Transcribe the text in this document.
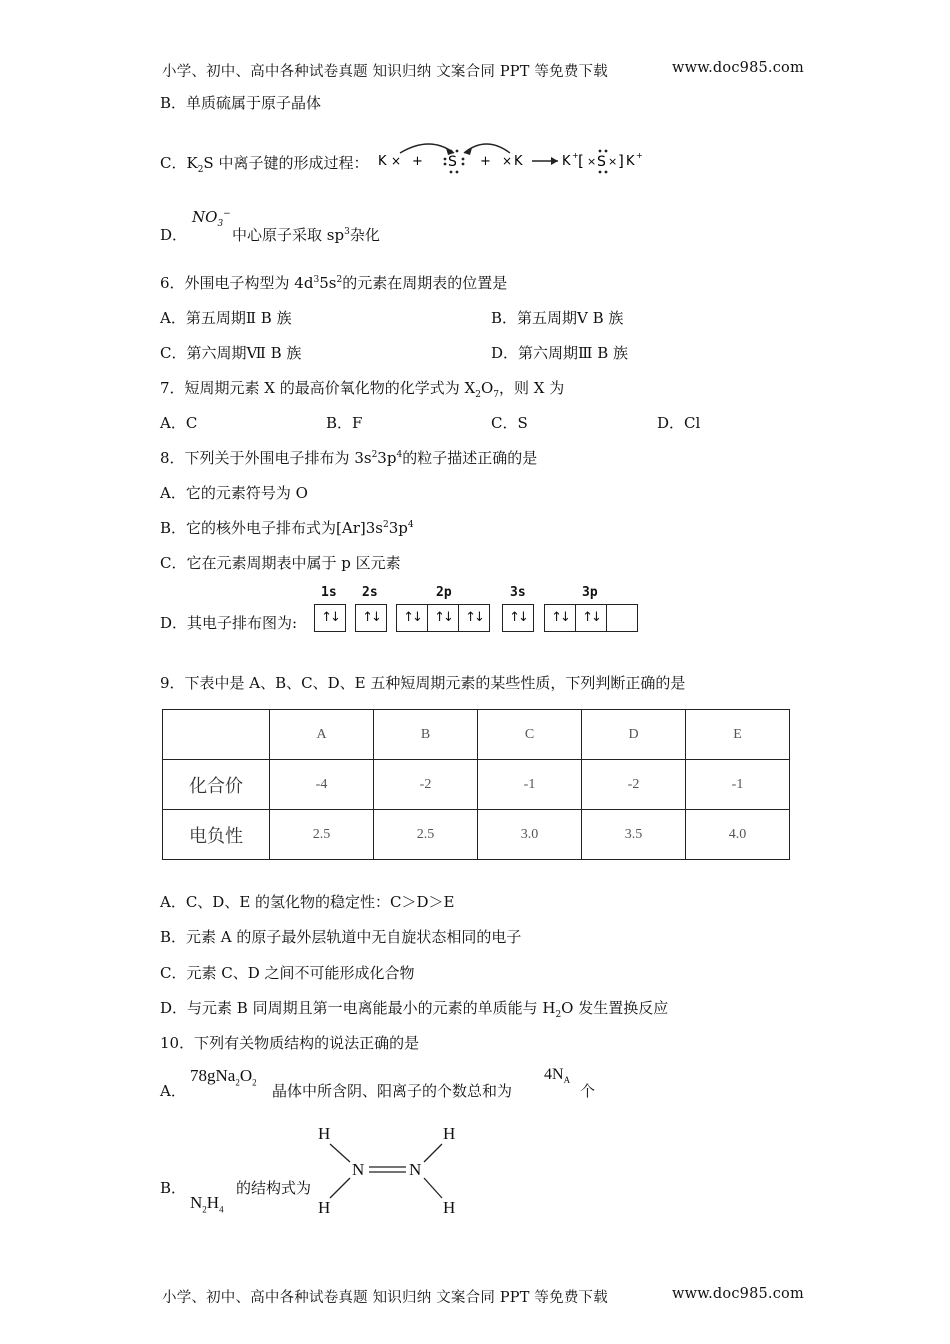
小学、初中、高中各种试卷真题 知识归纳 文案合同 PPT 等免费下载	www.doc985.com
B．单质硫属于原子晶体
C．$K_2S$ 中离子键的形成过程： K × + S + × K	K + [ × S × ] K +
D．
$NO_3^-$
中心原子采取 $sp^3$杂化
6．外围电子构型为 $4d^35s^2$的元素在周期表的位置是
A．第五周期Ⅱ B 族	B．第五周期Ⅴ B 族
C．第六周期Ⅶ B 族	D．第六周期Ⅲ B 族
7．短周期元素 X 的最高价氧化物的化学式为 $X_2O_7$，则 X 为
A．C	B．F	C．S	D．Cl
8．下列关于外围电子排布为 $3s^23p^4$的粒子描述正确的是
A．它的元素符号为 O
B．它的核外电子排布式为$[Ar]3s^23p^4$
C．它在元素周期表中属于 p 区元素
D．其电子排布图为:
1s 2s	2p	3s	3p
↑↓	↑↓	↑↓	↑↓	↑↓	↑↓	↑↓	↑↓
9．下表中是 A、B、C、D、E 五种短周期元素的某些性质，下列判断正确的是
	A	B	C	D	E
化合价	-4	-2	-1	-2	-1
电负性	2.5	2.5	3.0	3.5	4.0
A．C、D、E 的氢化物的稳定性：C＞D＞E
B．元素 A 的原子最外层轨道中无自旋状态相同的电子
C．元素 C、D 之间不可能形成化合物
D．与元素 B 同周期且第一电离能最小的元素的单质能与 $H_2O$ 发生置换反应
10．下列有关物质结构的说法正确的是
A．
$78gNa_2O_2$ 晶体中所含阴、阳离子的个数总和为
$4N_A$
个
B．
$N_2H_4$
的结构式为
H	H
H	H
N	N
小学、初中、高中各种试卷真题 知识归纳 文案合同 PPT 等免费下载	www.doc985.com
